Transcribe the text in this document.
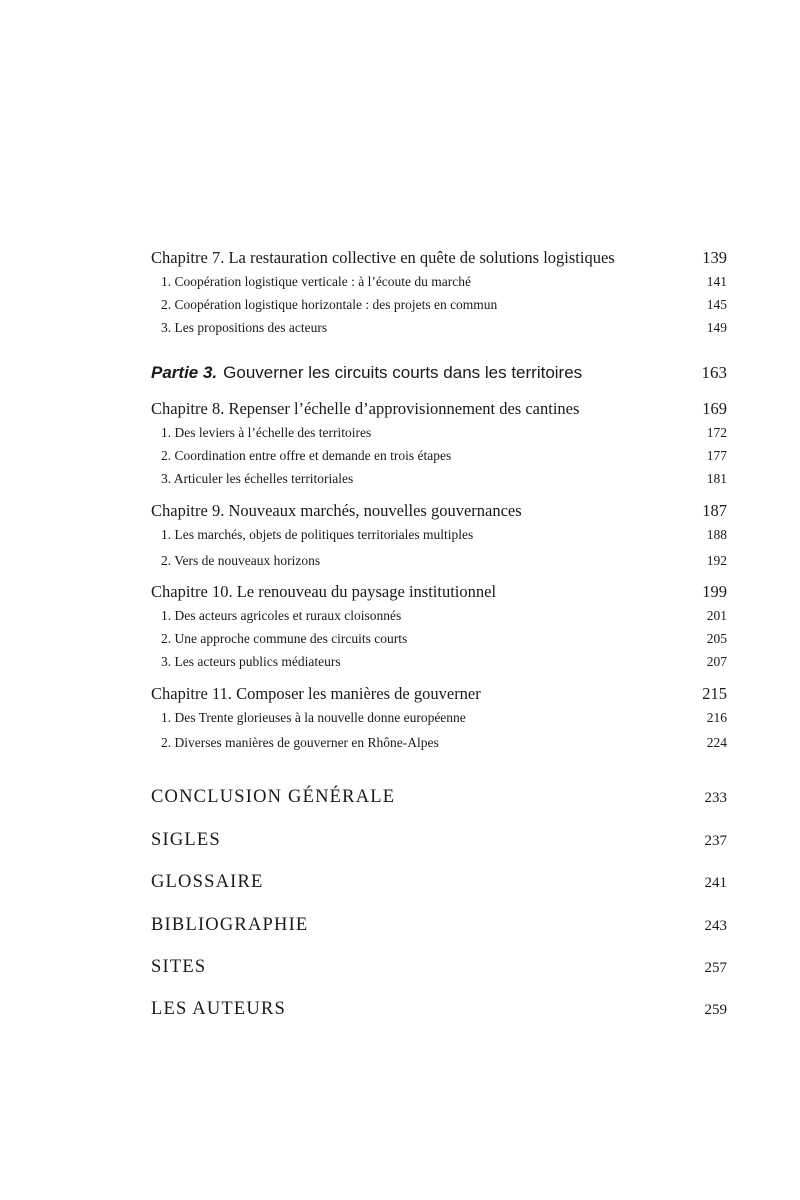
Chapitre 7. La restauration collective en quête de solutions logistiques	139
1. Coopération logistique verticale : à l’écoute du marché	141
2. Coopération logistique horizontale : des projets en commun	145
3. Les propositions des acteurs	149
Partie 3. Gouverner les circuits courts dans les territoires	163
Chapitre 8. Repenser l’échelle d’approvisionnement des cantines	169
1. Des leviers à l’échelle des territoires	172
2. Coordination entre offre et demande en trois étapes	177
3. Articuler les échelles territoriales	181
Chapitre 9. Nouveaux marchés, nouvelles gouvernances	187
1. Les marchés, objets de politiques territoriales multiples	188
2. Vers de nouveaux horizons	192
Chapitre 10. Le renouveau du paysage institutionnel	199
1. Des acteurs agricoles et ruraux cloisonnés	201
2. Une approche commune des circuits courts	205
3. Les acteurs publics médiateurs	207
Chapitre 11. Composer les manières de gouverner	215
1. Des Trente glorieuses à la nouvelle donne européenne	216
2. Diverses manières de gouverner en Rhône-Alpes	224
CONCLUSION GÉNÉRALE	233
SIGLES	237
GLOSSAIRE	241
BIBLIOGRAPHIE	243
SITES	257
LES AUTEURS	259
